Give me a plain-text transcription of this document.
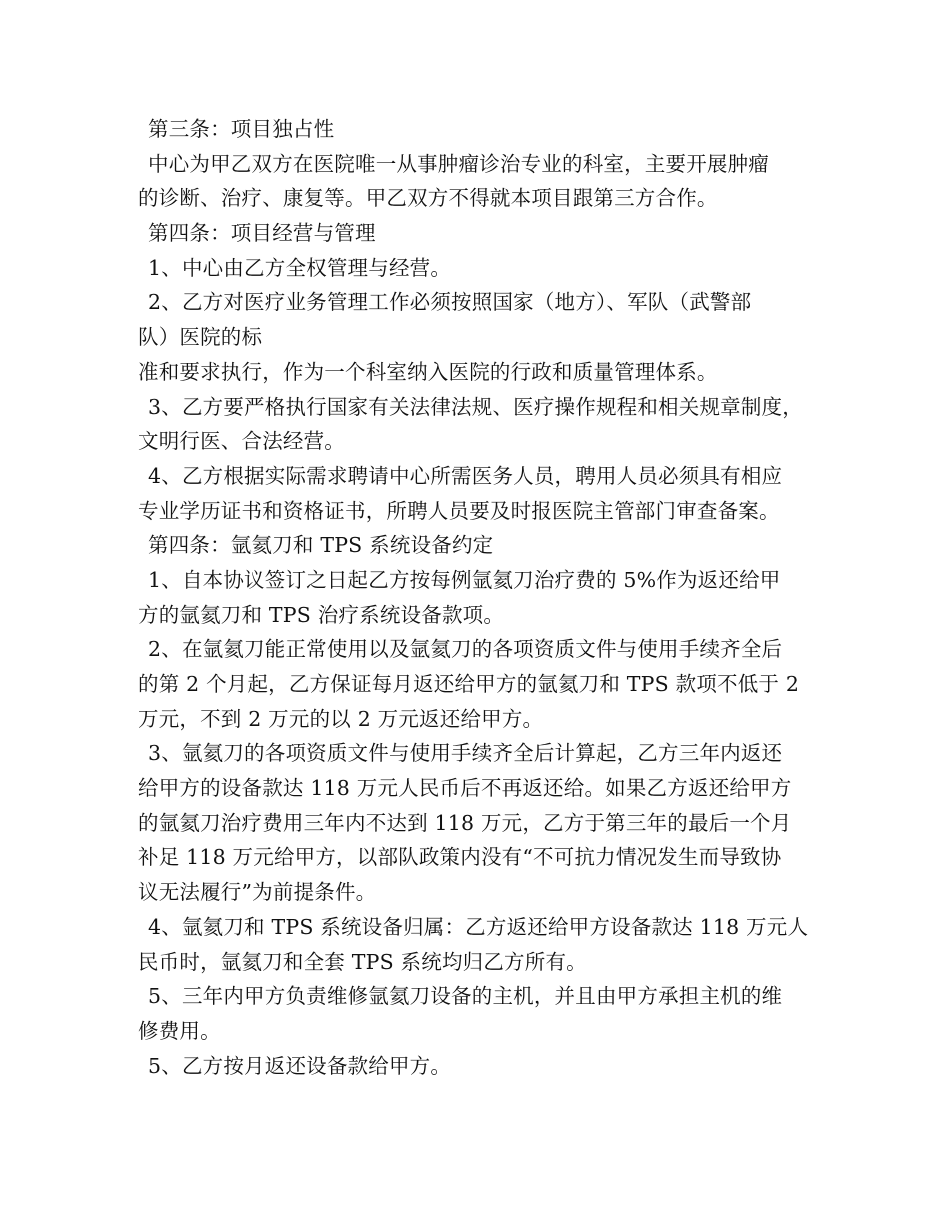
第三条：项目独占性
中心为甲乙双方在医院唯一从事肿瘤诊治专业的科室，主要开展肿瘤
的诊断、治疗、康复等。甲乙双方不得就本项目跟第三方合作。
第四条：项目经营与管理
1、中心由乙方全权管理与经营。
2、乙方对医疗业务管理工作必须按照国家（地方）、军队（武警部
队）医院的标
准和要求执行，作为一个科室纳入医院的行政和质量管理体系。
3、乙方要严格执行国家有关法律法规、医疗操作规程和相关规章制度，
文明行医、合法经营。
4、乙方根据实际需求聘请中心所需医务人员，聘用人员必须具有相应
专业学历证书和资格证书，所聘人员要及时报医院主管部门审查备案。
第四条：氩氦刀和 TPS 系统设备约定
1、自本协议签订之日起乙方按每例氩氦刀治疗费的 5%作为返还给甲
方的氩氦刀和 TPS 治疗系统设备款项。
2、在氩氦刀能正常使用以及氩氦刀的各项资质文件与使用手续齐全后
的第 2 个月起，乙方保证每月返还给甲方的氩氦刀和 TPS 款项不低于 2
万元，不到 2 万元的以 2 万元返还给甲方。
3、氩氦刀的各项资质文件与使用手续齐全后计算起，乙方三年内返还
给甲方的设备款达 118 万元人民币后不再返还给。如果乙方返还给甲方
的氩氦刀治疗费用三年内不达到 118 万元，乙方于第三年的最后一个月
补足 118 万元给甲方，以部队政策内没有“不可抗力情况发生而导致协
议无法履行”为前提条件。
4、氩氦刀和 TPS 系统设备归属：乙方返还给甲方设备款达 118 万元人
民币时，氩氦刀和全套 TPS 系统均归乙方所有。
5、三年内甲方负责维修氩氦刀设备的主机，并且由甲方承担主机的维
修费用。
5、乙方按月返还设备款给甲方。
